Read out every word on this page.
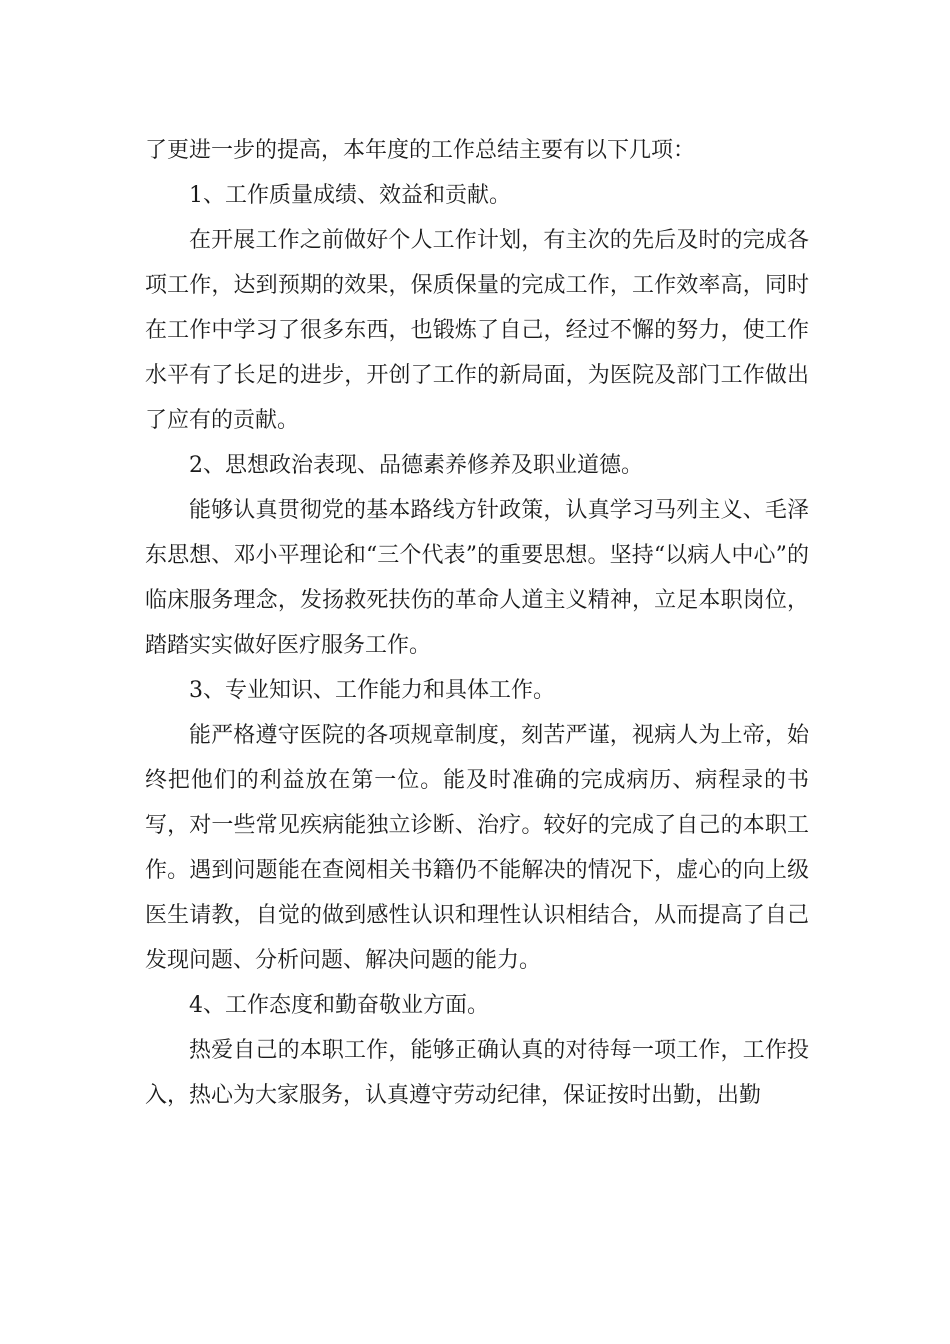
了更进一步的提高，本年度的工作总结主要有以下几项：

1、工作质量成绩、效益和贡献。

在开展工作之前做好个人工作计划，有主次的先后及时的完成各项工作，达到预期的效果，保质保量的完成工作，工作效率高，同时在工作中学习了很多东西，也锻炼了自己，经过不懈的努力，使工作水平有了长足的进步，开创了工作的新局面，为医院及部门工作做出了应有的贡献。

2、思想政治表现、品德素养修养及职业道德。

能够认真贯彻党的基本路线方针政策，认真学习马列主义、毛泽东思想、邓小平理论和“三个代表”的重要思想。坚持“以病人中心”的临床服务理念，发扬救死扶伤的革命人道主义精神，立足本职岗位，踏踏实实做好医疗服务工作。

3、专业知识、工作能力和具体工作。

能严格遵守医院的各项规章制度，刻苦严谨，视病人为上帝，始终把他们的利益放在第一位。能及时准确的完成病历、病程录的书写，对一些常见疾病能独立诊断、治疗。较好的完成了自己的本职工作。遇到问题能在查阅相关书籍仍不能解决的情况下，虚心的向上级医生请教，自觉的做到感性认识和理性认识相结合，从而提高了自己发现问题、分析问题、解决问题的能力。

4、工作态度和勤奋敬业方面。

热爱自己的本职工作，能够正确认真的对待每一项工作，工作投入，热心为大家服务，认真遵守劳动纪律，保证按时出勤，出勤
